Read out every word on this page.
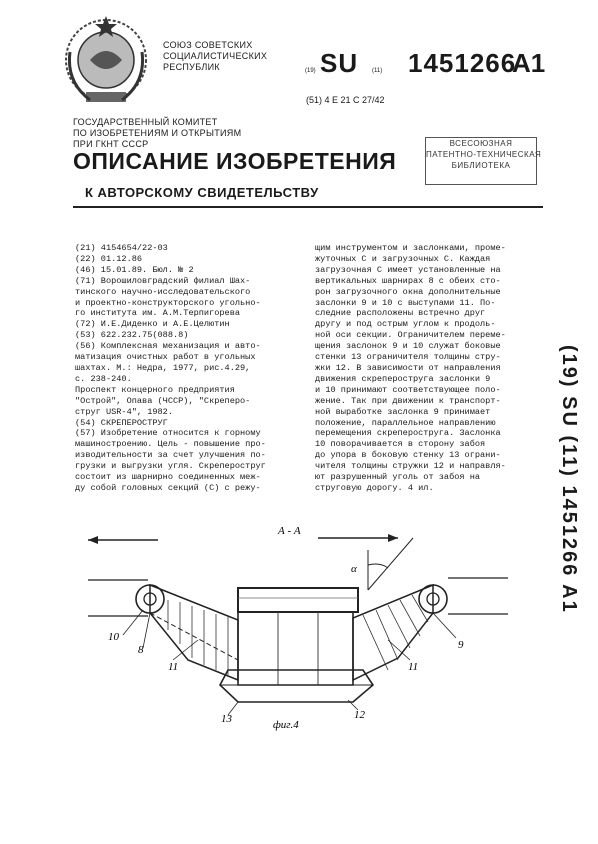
СОЮЗ СОВЕТСКИХ
СОЦИАЛИСТИЧЕСКИХ
РЕСПУБЛИК	(19) SU (11) 1451266
A1
(51) 4 Е 21 С 27/42
ГОСУДАРСТВЕННЫЙ КОМИТЕТ
ПО ИЗОБРЕТЕНИЯМ И ОТКРЫТИЯМ
ПРИ ГКНТ СССР	ВСЕСОЮЗНАЯ
ПАТЕНТНО-ТЕХНИЧЕСКАЯ
БИБЛИОТЕКА
ОПИСАНИЕ ИЗОБРЕТЕНИЯ
К АВТОРСКОМУ СВИДЕТЕЛЬСТВУ
(21) 4154654/22-03
(22) 01.12.86
(46) 15.01.89. Бюл. № 2
(71) Ворошиловградский филиал Шах-
тинского научно-исследовательского
и проектно-конструкторского угольно-
го института им. А.М.Терпигорева
(72) И.Е.Диденко и А.Е.Целютин
(53) 622.232.75(088.8)
(56) Комплексная механизация и авто-
матизация очистных работ в угольных
шахтах. М.: Недра, 1977, рис.4.29,
с. 238-240.
Проспект концерного предприятия
"Острой", Опава (ЧССР), "Скреперо-
струг USR-4", 1982.
(54) СКРЕПЕРОСТРУГ
(57) Изобретение относится к горному
машиностроению. Цель - повышение про-
изводительности за счет улучшения по-
грузки и выгрузки угля. Скрепероструг
состоит из шарнирно соединенных меж-
ду собой головных секций (С) с режу-
щим инструментом и заслонками, проме-
жуточных С и загрузочных С. Каждая
загрузочная С имеет установленные на
вертикальных шарнирах 8 с обеих сто-
рон загрузочного окна дополнительные
заслонки 9 и 10 с выступами 11. По-
следние расположены встречно друг
другу и под острым углом к продоль-
ной оси секции. Ограничителем переме-
щения заслонок 9 и 10 служат боковые
стенки 13 ограничителя толщины стру-
жки 12. В зависимости от направления
движения скреперостругa заслонки 9
и 10 принимают соответствующее поло-
жение. Так при движении к транспорт-
ной выработке заслонка 9 принимает
положение, параллельное направлению
перемещения скреперостругa. Заслонка
10 поворачивается в сторону забоя
до упора в боковую стенку 13 ограни-
чителя толщины стружки 12 и направля-
ют разрушенный уголь от забоя на
струговую дорогу. 4 ил.	(19) SU (11) 1451266 A1
А - А
α
10
8
11	11
9
13	12
фиг.4
